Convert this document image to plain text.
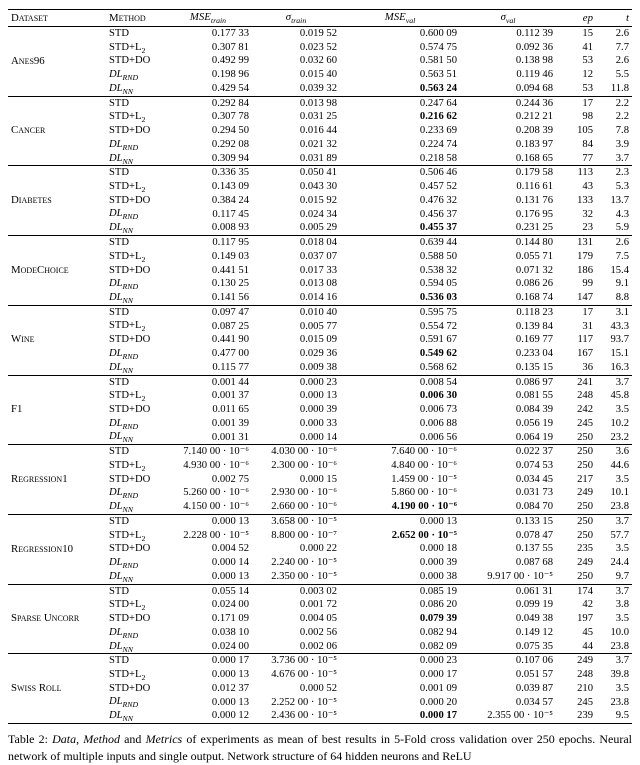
Dataset	Method	$MSE_{train}$	$\sigma_{train}$	$MSE_{val}$	$\sigma_{val}$	ep	t
Anes96	STD	0.177 33	0.019 52	0.600 09	0.112 39	15	2.6
	$STD+L_2$	0.307 81	0.023 52	0.574 75	0.092 36	41	7.7
	STD+DO	0.492 99	0.032 60	0.581 50	0.138 98	53	2.6
	$DL_{RND}$	0.198 96	0.015 40	0.563 51	0.119 46	12	5.5
	$DL_{NN}$	0.429 54	0.039 32	0.563 24	0.094 68	53	11.8
Cancer	STD	0.292 84	0.013 98	0.247 64	0.244 36	17	2.2
	$STD+L_2$	0.307 78	0.031 25	0.216 62	0.212 21	98	2.2
	STD+DO	0.294 50	0.016 44	0.233 69	0.208 39	105	7.8
	$DL_{RND}$	0.292 08	0.021 32	0.224 74	0.183 97	84	3.9
	$DL_{NN}$	0.309 94	0.031 89	0.218 58	0.168 65	77	3.7
Diabetes	STD	0.336 35	0.050 41	0.506 46	0.179 58	113	2.3
	$STD+L_2$	0.143 09	0.043 30	0.457 52	0.116 61	43	5.3
	STD+DO	0.384 24	0.015 92	0.476 32	0.131 76	133	13.7
	$DL_{RND}$	0.117 45	0.024 34	0.456 37	0.176 95	32	4.3
	$DL_{NN}$	0.008 93	0.005 29	0.455 37	0.231 25	23	5.9
ModeChoice	STD	0.117 95	0.018 04	0.639 44	0.144 80	131	2.6
	$STD+L_2$	0.149 03	0.037 07	0.588 50	0.055 71	179	7.5
	STD+DO	0.441 51	0.017 33	0.538 32	0.071 32	186	15.4
	$DL_{RND}$	0.130 25	0.013 08	0.594 05	0.086 26	99	9.1
	$DL_{NN}$	0.141 56	0.014 16	0.536 03	0.168 74	147	8.8
Wine	STD	0.097 47	0.010 40	0.595 75	0.118 23	17	3.1
	$STD+L_2$	0.087 25	0.005 77	0.554 72	0.139 84	31	43.3
	STD+DO	0.441 90	0.015 09	0.591 67	0.169 77	117	93.7
	$DL_{RND}$	0.477 00	0.029 36	0.549 62	0.233 04	167	15.1
	$DL_{NN}$	0.115 77	0.009 38	0.568 62	0.135 15	36	16.3
F1	STD	0.001 44	0.000 23	0.008 54	0.086 97	241	3.7
	$STD+L_2$	0.001 37	0.000 13	0.006 30	0.081 55	248	45.8
	STD+DO	0.011 65	0.000 39	0.006 73	0.084 39	242	3.5
	$DL_{RND}$	0.001 39	0.000 33	0.006 88	0.056 19	245	10.2
	$DL_{NN}$	0.001 31	0.000 14	0.006 56	0.064 19	250	23.2
Regression1	STD	7.140 00 · 10⁻⁶	4.030 00 · 10⁻⁶	7.640 00 · 10⁻⁶	0.022 37	250	3.6
	$STD+L_2$	4.930 00 · 10⁻⁶	2.300 00 · 10⁻⁶	4.840 00 · 10⁻⁶	0.074 53	250	44.6
	STD+DO	0.002 75	0.000 15	1.459 00 · 10⁻⁵	0.034 45	217	3.5
	$DL_{RND}$	5.260 00 · 10⁻⁶	2.930 00 · 10⁻⁶	5.860 00 · 10⁻⁶	0.031 73	249	10.1
	$DL_{NN}$	4.150 00 · 10⁻⁶	2.660 00 · 10⁻⁶	4.190 00 · 10⁻⁶	0.084 70	250	23.8
Regression10	STD	0.000 13	3.658 00 · 10⁻⁵	0.000 13	0.133 15	250	3.7
	$STD+L_2$	2.228 00 · 10⁻⁵	8.800 00 · 10⁻⁷	2.652 00 · 10⁻⁵	0.078 47	250	57.7
	STD+DO	0.004 52	0.000 22	0.000 18	0.137 55	235	3.5
	$DL_{RND}$	0.000 14	2.240 00 · 10⁻⁵	0.000 39	0.087 68	249	24.4
	$DL_{NN}$	0.000 13	2.350 00 · 10⁻⁵	0.000 38	9.917 00 · 10⁻⁵	250	9.7
Sparse Uncorr	STD	0.055 14	0.003 02	0.085 19	0.061 31	174	3.7
	$STD+L_2$	0.024 00	0.001 72	0.086 20	0.099 19	42	3.8
	STD+DO	0.171 09	0.004 05	0.079 39	0.049 38	197	3.5
	$DL_{RND}$	0.038 10	0.002 56	0.082 94	0.149 12	45	10.0
	$DL_{NN}$	0.024 00	0.002 06	0.082 09	0.075 35	44	23.8
Swiss Roll	STD	0.000 17	3.736 00 · 10⁻⁵	0.000 23	0.107 06	249	3.7
	$STD+L_2$	0.000 13	4.676 00 · 10⁻⁵	0.000 17	0.051 57	248	39.8
	STD+DO	0.012 37	0.000 52	0.001 09	0.039 87	210	3.5
	$DL_{RND}$	0.000 13	2.252 00 · 10⁻⁵	0.000 20	0.034 57	245	23.8
	$DL_{NN}$	0.000 12	2.436 00 · 10⁻⁵	0.000 17	2.355 00 · 10⁻⁵	239	9.5

Table 2: Data, Method and Metrics of experiments as mean of best results in 5-Fold cross validation over 250 epochs. Neural network of multiple inputs and single output. Network structure of 64 hidden neurons and ReLU
